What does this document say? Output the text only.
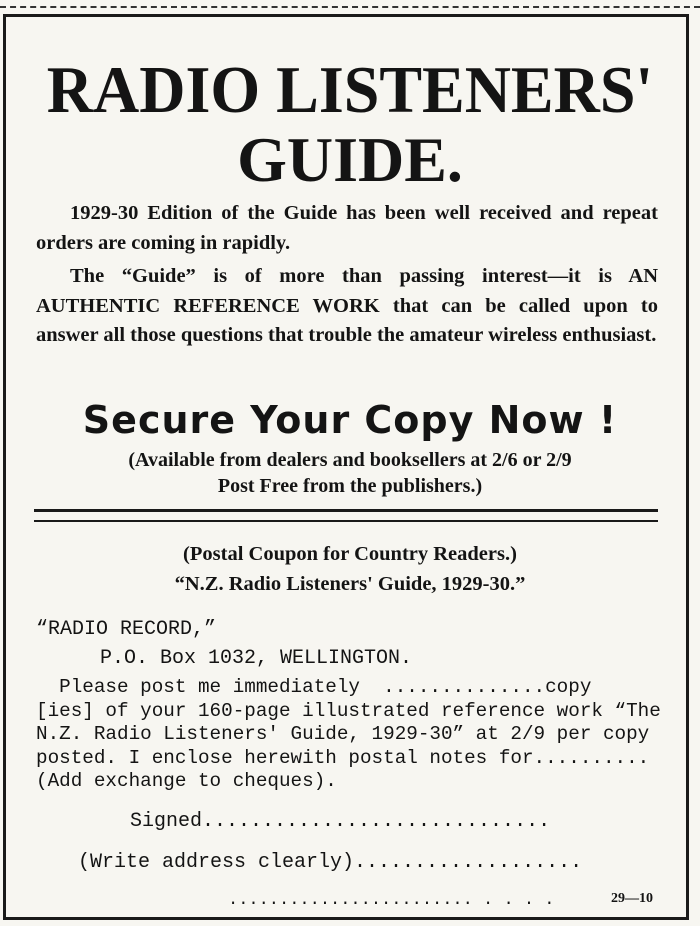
RADIO LISTENERS'
GUIDE.

1929-30 Edition of the Guide has been well received and repeat orders are coming in rapidly.

The “Guide” is of more than passing interest—it is AN AUTHENTIC REFERENCE WORK that can be called upon to answer all those questions that trouble the amateur wireless enthusiast.

Secure Your Copy Now !
(Available from dealers and booksellers at 2/6 or 2/9
Post Free from the publishers.)
(Postal Coupon for Country Readers.)
“N.Z. Radio Listeners' Guide, 1929-30.”
“RADIO RECORD,”
P.O. Box 1032, WELLINGTON.
Please post me immediately  ..............copy
[ies] of your 160-page illustrated reference work “The
N.Z. Radio Listeners' Guide, 1929-30” at 2/9 per copy
posted. I enclose herewith postal notes for..........
(Add exchange to cheques).
Signed.............................
(Write address clearly)...................
........................ . . . .	29—10
